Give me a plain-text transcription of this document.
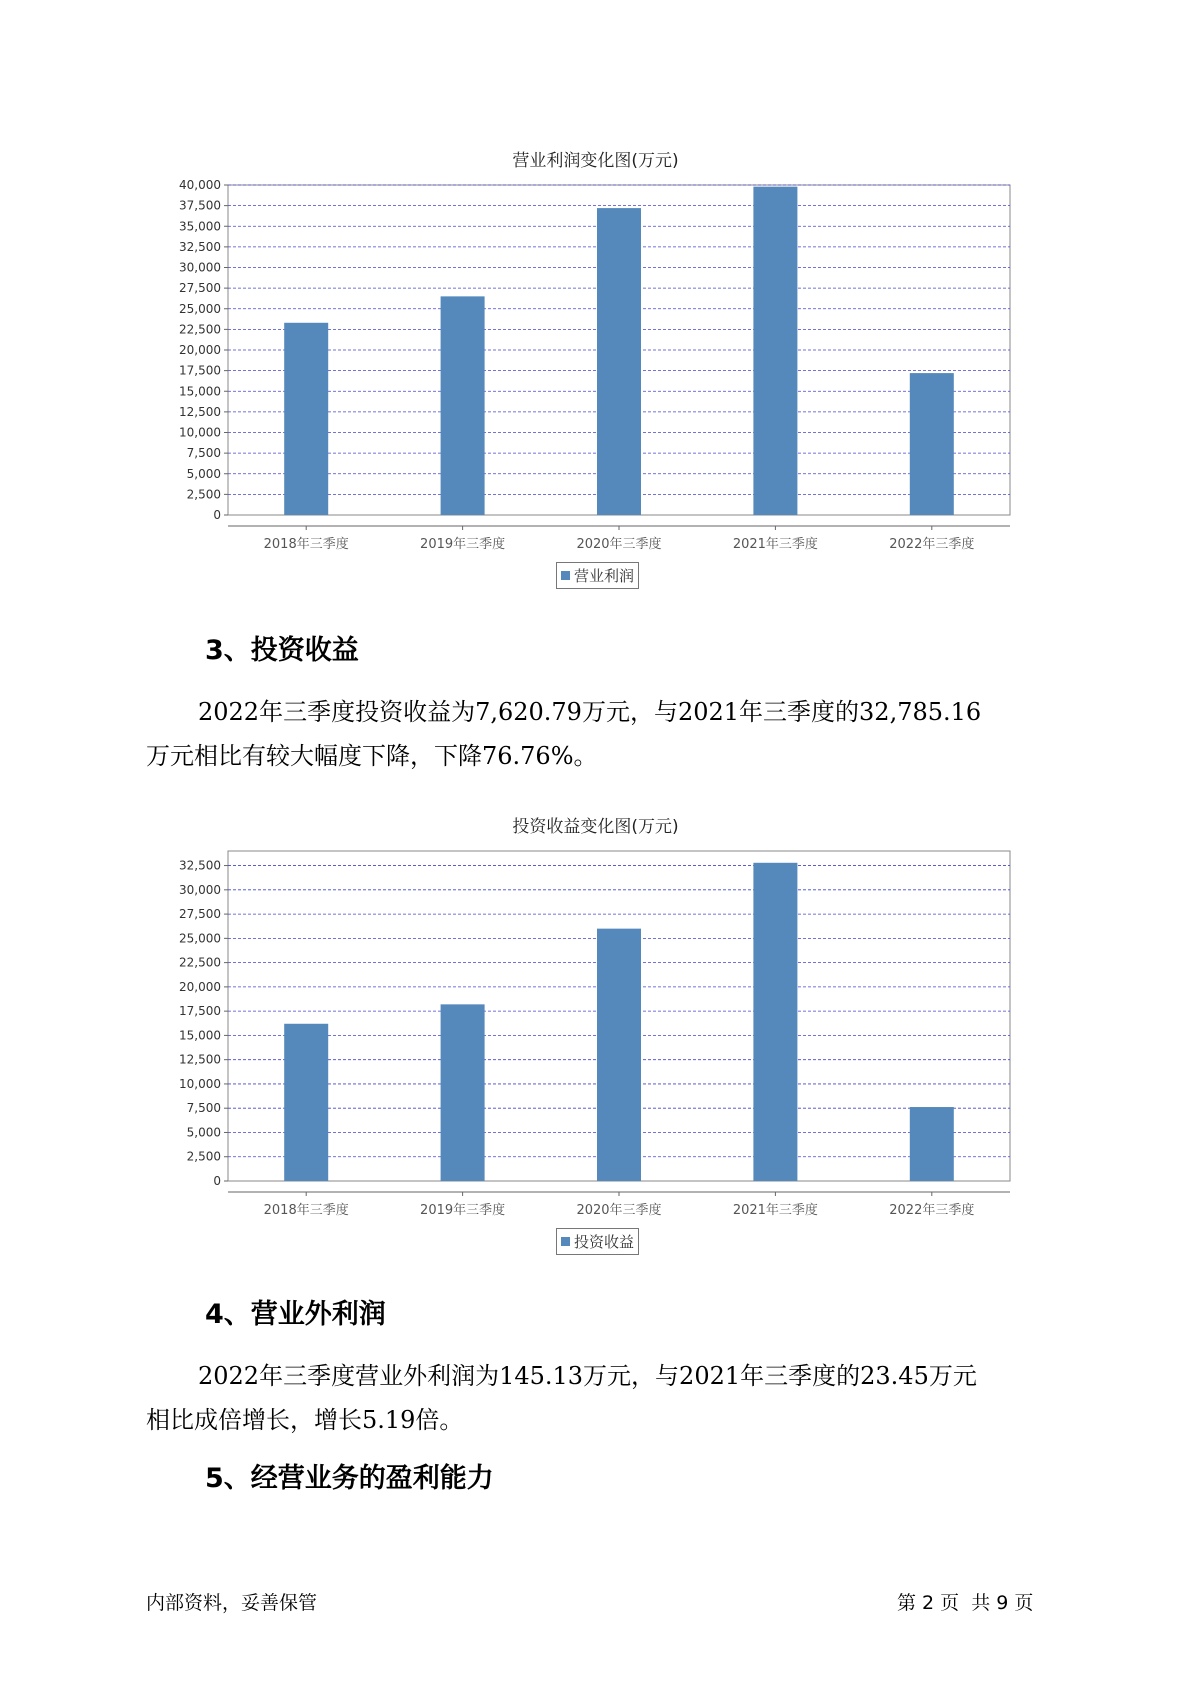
营业利润变化图(万元)
0
2,500
5,000
7,500
10,000
12,500
15,000
17,500
20,000
22,500
25,000
27,500
30,000
32,500
35,000
37,500
40,000
2018年三季度	2019年三季度	2020年三季度	2021年三季度	2022年三季度
营业利润
3、投资收益
2022年三季度投资收益为7,620.79万元，与2021年三季度的32,785.16
万元相比有较大幅度下降，下降76.76%。
投资收益变化图(万元)
0
2,500
5,000
7,500
10,000
12,500
15,000
17,500
20,000
22,500
25,000
27,500
30,000
32,500
2018年三季度	2019年三季度	2020年三季度	2021年三季度	2022年三季度
投资收益
4、营业外利润
2022年三季度营业外利润为145.13万元，与2021年三季度的23.45万元
相比成倍增长，增长5.19倍。
5、经营业务的盈利能力
内部资料，妥善保管	第 2 页  共 9 页
